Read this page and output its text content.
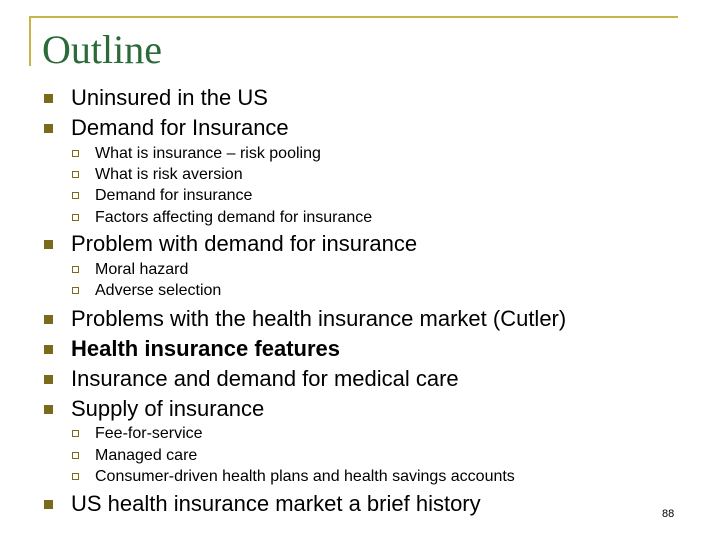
Outline
Uninsured in the US
Demand for Insurance
What is insurance – risk pooling
What is risk aversion
Demand for insurance
Factors affecting demand for insurance
Problem with demand for insurance
Moral hazard
Adverse selection
Problems with the health insurance market (Cutler)
Health insurance features
Insurance and demand for medical care
Supply of insurance
Fee-for-service
Managed care
Consumer-driven health plans and health savings accounts
US health insurance market a brief history	88
